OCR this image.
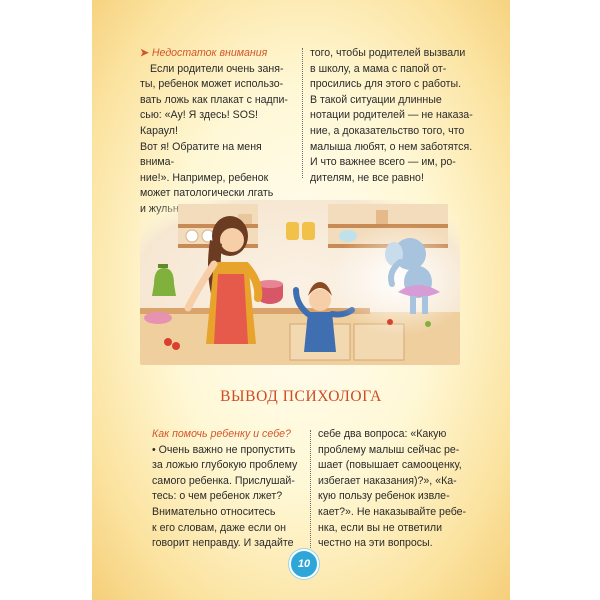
➤ Недостаток внимания

Если родители очень заня-

ты, ребенок может использо-

вать ложь как плакат с надпи-

сью: «Ау! Я здесь! SOS! Караул!

Вот я! Обратите на меня внима-

ние!». Например, ребенок

может патологически лгать

того, чтобы родителей вызвали

в школу, а мама с папой от-

просились для этого с работы.

В такой ситуации длинные

нотации родителей — не наказа-

ние, а доказательство того, что

малыша любят, о нем заботятся.

И что важнее всего — им, ро-

дителям, не все равно!

ВЫВОД ПСИХОЛОГА
Как помочь ребенку и себе?

• Очень важно не пропустить

за ложью глубокую проблему

самого ребенка. Прислушай-

тесь: о чем ребенок лжет?

Внимательно относитесь

к его словам, даже если он

говорит неправду. И задайте

себе два вопроса: «Какую

проблему малыш сейчас ре-

шает (повышает самооценку,

избегает наказания)?», «Ка-

кую пользу ребенок извле-

кает?». Не наказывайте ребе-

нка, если вы не ответили

честно на эти вопросы.

10
